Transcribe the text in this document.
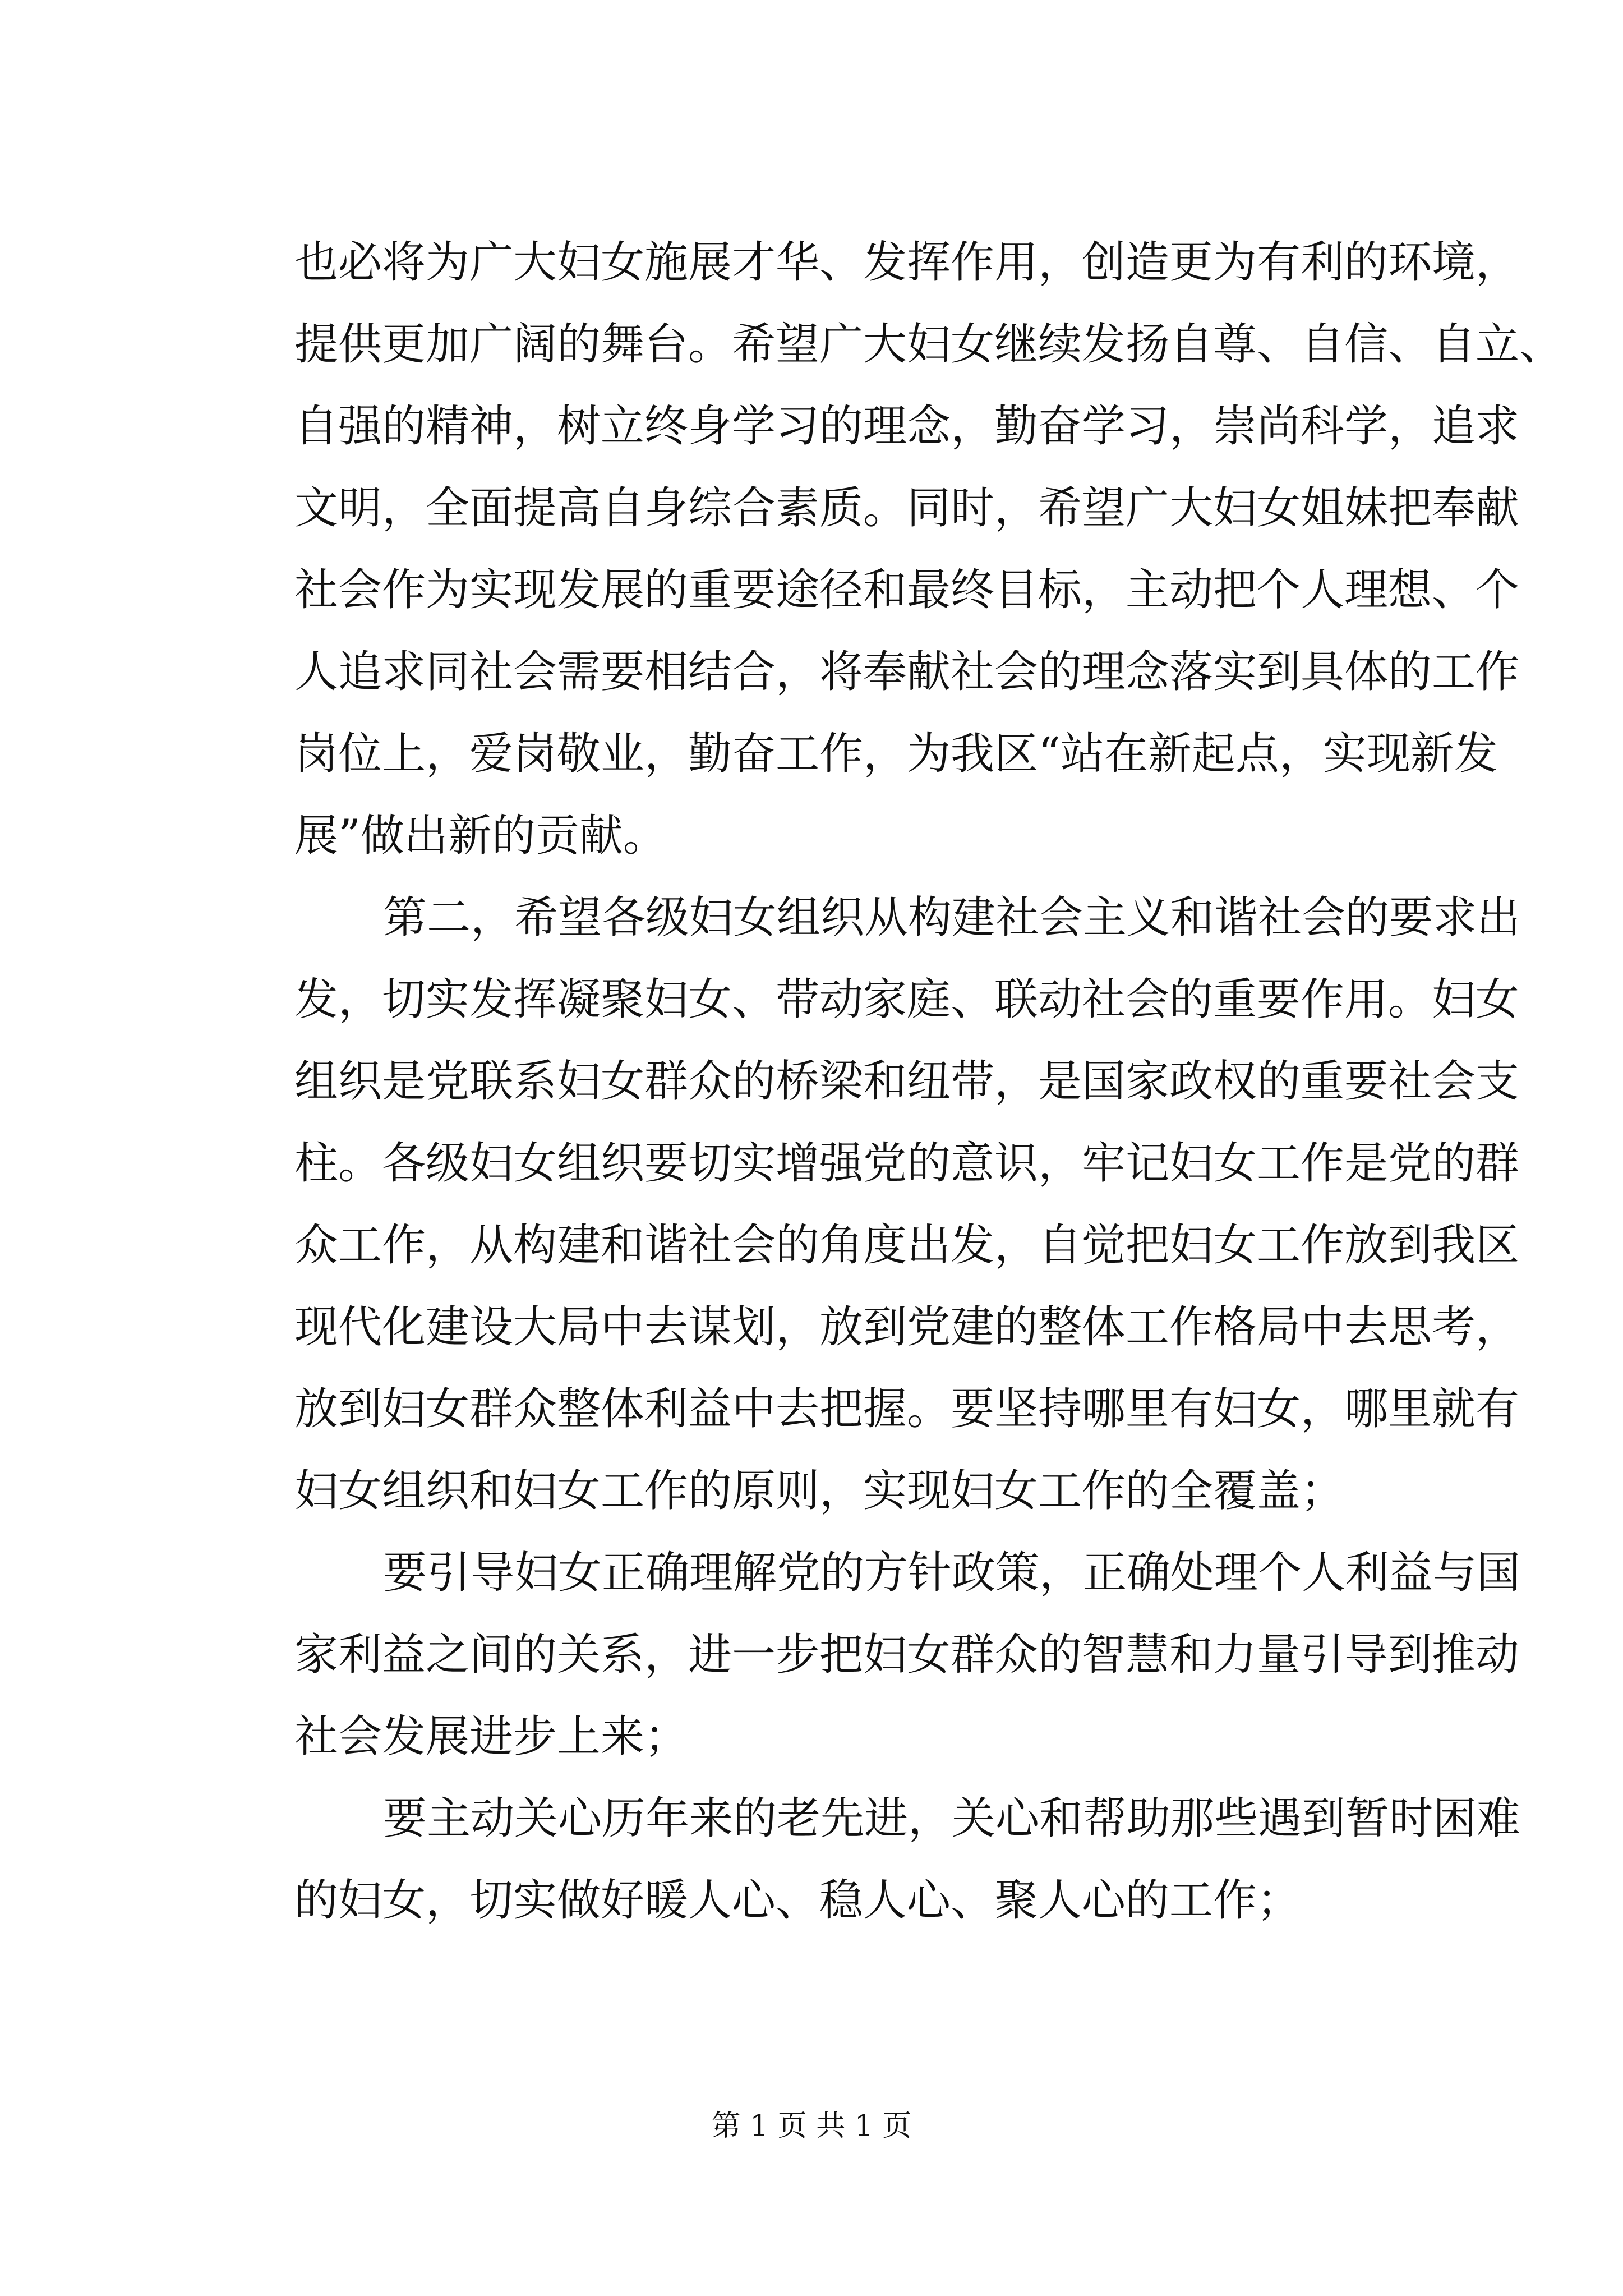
也必将为广大妇女施展才华、发挥作用，创造更为有利的环境，
提供更加广阔的舞台。希望广大妇女继续发扬自尊、自信、自立、
自强的精神，树立终身学习的理念，勤奋学习，崇尚科学，追求
文明，全面提高自身综合素质。同时，希望广大妇女姐妹把奉献
社会作为实现发展的重要途径和最终目标，主动把个人理想、个
人追求同社会需要相结合，将奉献社会的理念落实到具体的工作
岗位上，爱岗敬业，勤奋工作，为我区“站在新起点，实现新发
展”做出新的贡献。
第二，希望各级妇女组织从构建社会主义和谐社会的要求出
发，切实发挥凝聚妇女、带动家庭、联动社会的重要作用。妇女
组织是党联系妇女群众的桥梁和纽带，是国家政权的重要社会支
柱。各级妇女组织要切实增强党的意识，牢记妇女工作是党的群
众工作，从构建和谐社会的角度出发，自觉把妇女工作放到我区
现代化建设大局中去谋划，放到党建的整体工作格局中去思考，
放到妇女群众整体利益中去把握。要坚持哪里有妇女，哪里就有
妇女组织和妇女工作的原则，实现妇女工作的全覆盖；
要引导妇女正确理解党的方针政策，正确处理个人利益与国
家利益之间的关系，进一步把妇女群众的智慧和力量引导到推动
社会发展进步上来；
要主动关心历年来的老先进，关心和帮助那些遇到暂时困难
的妇女，切实做好暖人心、稳人心、聚人心的工作；
第 1 页 共 1 页
